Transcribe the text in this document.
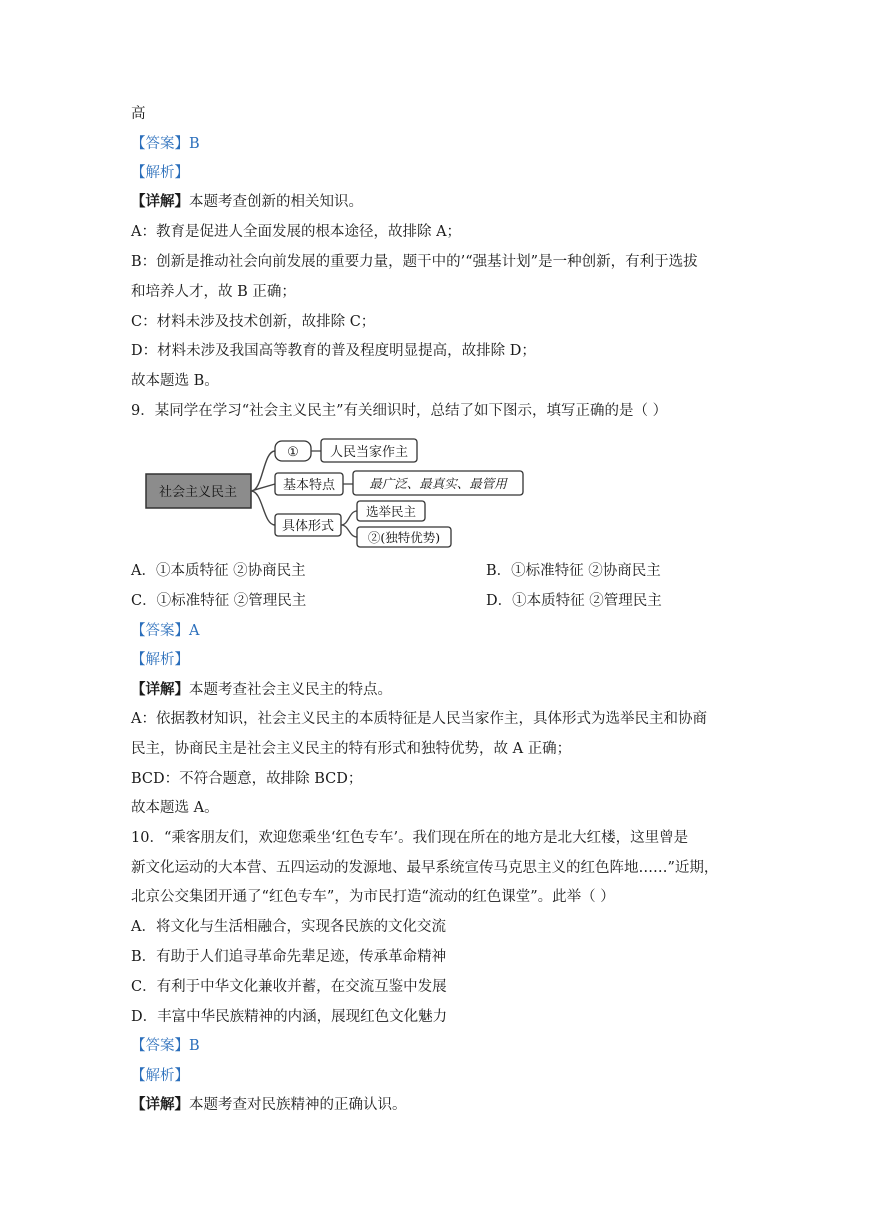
高
【答案】B
【解析】
【详解】本题考查创新的相关知识。
A：教育是促进人全面发展的根本途径，故排除 A；
B：创新是推动社会向前发展的重要力量，题干中的’“强基计划”是一种创新，有利于选拔
和培养人才，故 B 正确；
C：材料未涉及技术创新，故排除 C；
D：材料未涉及我国高等教育的普及程度明显提高，故排除 D；
故本题选 B。
9．某同学在学习“社会主义民主”有关细识时，总结了如下图示，填写正确的是（ ）
社会主义民主
① 人民当家作主
基本特点	最广泛、最真实、最管用
具体形式
选举民主
②(独特优势)
A．①本质特征 ②协商民主	B．①标准特征 ②协商民主
C．①标准特征 ②管理民主	D．①本质特征 ②管理民主
【答案】A
【解析】
【详解】本题考查社会主义民主的特点。
A：依据教材知识，社会主义民主的本质特征是人民当家作主，具体形式为选举民主和协商
民主，协商民主是社会主义民主的特有形式和独特优势，故 A 正确；
BCD：不符合题意，故排除 BCD；
故本题选 A。
10．“乘客朋友们，欢迎您乘坐‘红色专车’。我们现在所在的地方是北大红楼，这里曾是
新文化运动的大本营、五四运动的发源地、最早系统宣传马克思主义的红色阵地……”近期，
北京公交集团开通了“红色专车”，为市民打造“流动的红色课堂”。此举（ ）
A．将文化与生活相融合，实现各民族的文化交流
B．有助于人们追寻革命先辈足迹，传承革命精神
C．有利于中华文化兼收并蓄，在交流互鉴中发展
D．丰富中华民族精神的内涵，展现红色文化魅力
【答案】B
【解析】
【详解】本题考查对民族精神的正确认识。
